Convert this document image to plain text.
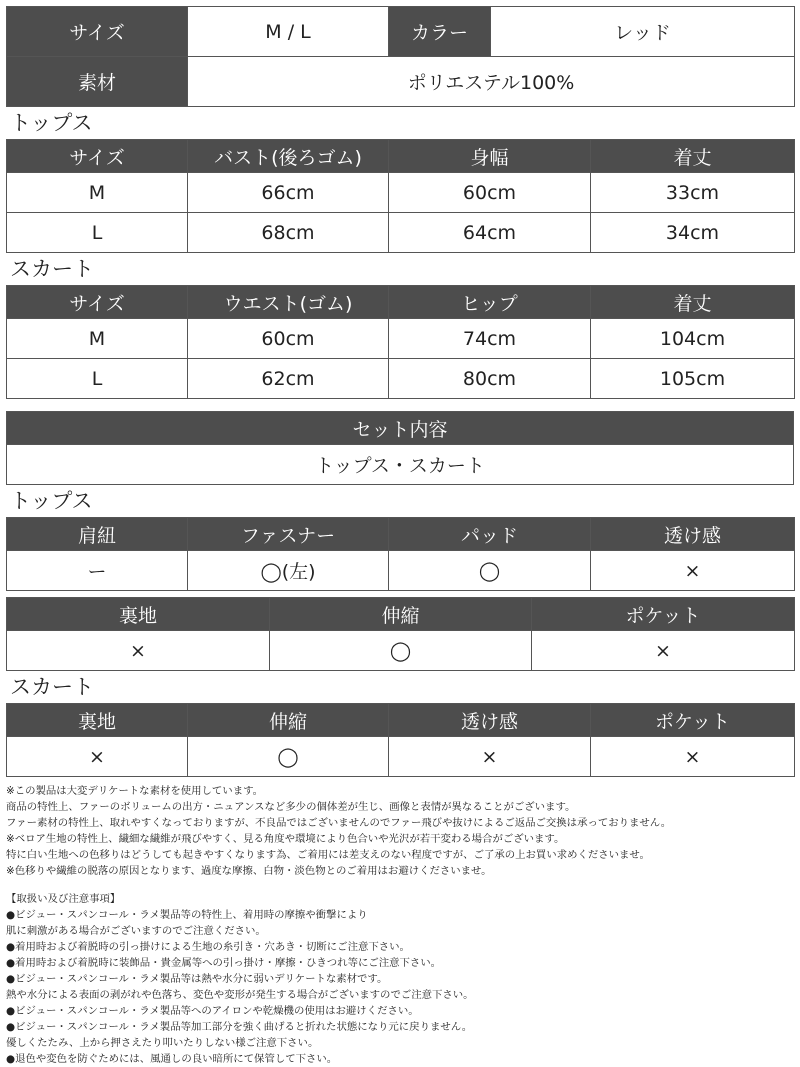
サイズ	M / L	カラー	レッド
素材	ポリエステル100%		
トップス
サイズ	バスト(後ろゴム)	身幅	着丈
M	66cm	60cm	33cm
L	68cm	64cm	34cm
スカート
サイズ	ウエスト(ゴム)	ヒップ	着丈
M	60cm	74cm	104cm
L	62cm	80cm	105cm
セット内容
トップス・スカート
トップス
肩紐	ファスナー	パッド	透け感
ー	◯(左)	◯	×
裏地	伸縮	ポケット
×	◯	×
スカート
裏地	伸縮	透け感	ポケット
×	◯	×	×
※この製品は大変デリケートな素材を使用しています。
商品の特性上、ファーのボリュームの出方・ニュアンスなど多少の個体差が生じ、画像と表情が異なることがございます。
ファー素材の特性上、取れやすくなっておりますが、不良品ではございませんのでファー飛びや抜けによるご返品ご交換は承っておりません。
※ベロア生地の特性上、繊細な繊維が飛びやすく、見る角度や環境により色合いや光沢が若干変わる場合がございます。
特に白い生地への色移りはどうしても起きやすくなります為、ご着用には差支えのない程度ですが、ご了承の上お買い求めくださいませ。
※色移りや繊維の脱落の原因となります、過度な摩擦、白物・淡色物とのご着用はお避けくださいませ。
【取扱い及び注意事項】
●ビジュー・スパンコール・ラメ製品等の特性上、着用時の摩擦や衝撃により
肌に刺激がある場合がございますのでご注意ください。
●着用時および着脱時の引っ掛けによる生地の糸引き・穴あき・切断にご注意下さい。
●着用時および着脱時に装飾品・貴金属等への引っ掛け・摩擦・ひきつれ等にご注意下さい。
●ビジュー・スパンコール・ラメ製品等は熱や水分に弱いデリケートな素材です。
熱や水分による表面の剥がれや色落ち、変色や変形が発生する場合がございますのでご注意下さい。
●ビジュー・スパンコール・ラメ製品等へのアイロンや乾燥機の使用はお避けください。
●ビジュー・スパンコール・ラメ製品等加工部分を強く曲げると折れた状態になり元に戻りません。
優しくたたみ、上から押さえたり叩いたりしない様ご注意下さい。
●退色や変色を防ぐためには、風通しの良い暗所にて保管して下さい。
